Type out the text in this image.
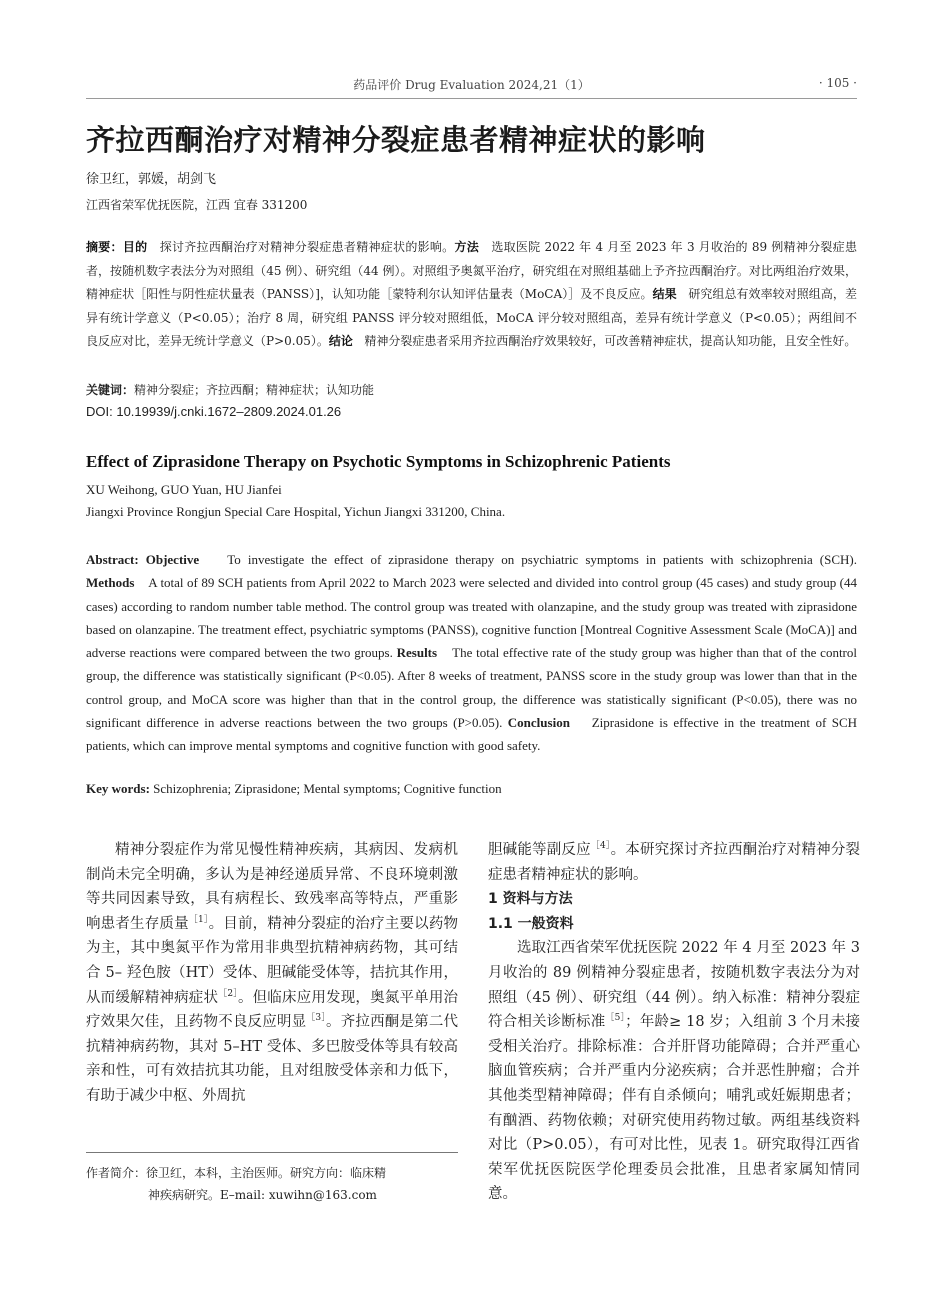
药品评价 Drug Evaluation 2024,21（1）	· 105 ·
齐拉西酮治疗对精神分裂症患者精神症状的影响
徐卫红，郭媛，胡剑飞
江西省荣军优抚医院，江西 宜春 331200
摘要：目的 探讨齐拉西酮治疗对精神分裂症患者精神症状的影响。方法 选取医院 2022 年 4 月至 2023 年 3 月收治的 89 例精神分裂症患者，按随机数字表法分为对照组（45 例）、研究组（44 例）。对照组予奥氮平治疗，研究组在对照组基础上予齐拉西酮治疗。对比两组治疗效果，精神症状［阳性与阴性症状量表（PANSS）]，认知功能［蒙特利尔认知评估量表（MoCA）］及不良反应。结果 研究组总有效率较对照组高，差异有统计学意义（P<0.05）；治疗 8 周，研究组 PANSS 评分较对照组低，MoCA 评分较对照组高，差异有统计学意义（P<0.05）；两组间不良反应对比，差异无统计学意义（P>0.05）。结论 精神分裂症患者采用齐拉西酮治疗效果较好，可改善精神症状，提高认知功能，且安全性好。
关键词：精神分裂症；齐拉西酮；精神症状；认知功能
DOI: 10.19939/j.cnki.1672–2809.2024.01.26
Effect of Ziprasidone Therapy on Psychotic Symptoms in Schizophrenic Patients
XU Weihong, GUO Yuan, HU Jianfei
Jiangxi Province Rongjun Special Care Hospital, Yichun Jiangxi 331200, China.
Abstract: Objective To investigate the effect of ziprasidone therapy on psychiatric symptoms in patients with schizophrenia (SCH). Methods A total of 89 SCH patients from April 2022 to March 2023 were selected and divided into control group (45 cases) and study group (44 cases) according to random number table method. The control group was treated with olanzapine, and the study group was treated with ziprasidone based on olanzapine. The treatment effect, psychiatric symptoms (PANSS), cognitive function [Montreal Cognitive Assessment Scale (MoCA)] and adverse reactions were compared between the two groups. Results The total effective rate of the study group was higher than that of the control group, the difference was statistically significant (P<0.05). After 8 weeks of treatment, PANSS score in the study group was lower than that in the control group, and MoCA score was higher than that in the control group, the difference was statistically significant (P<0.05), there was no significant difference in adverse reactions between the two groups (P>0.05). Conclusion Ziprasidone is effective in the treatment of SCH patients, which can improve mental symptoms and cognitive function with good safety.
Key words: Schizophrenia; Ziprasidone; Mental symptoms; Cognitive function

精神分裂症作为常见慢性精神疾病，其病因、发病机制尚未完全明确，多认为是神经递质异常、不良环境刺激等共同因素导致，具有病程长、致残率高等特点，严重影响患者生存质量$^{[1]}$。目前，精神分裂症的治疗主要以药物为主，其中奥氮平作为常用非典型抗精神病药物，其可结合 5– 羟色胺（HT）受体、胆碱能受体等，拮抗其作用，从而缓解精神病症状$^{[2]}$。但临床应用发现，奥氮平单用治疗效果欠佳，且药物不良反应明显$^{[3]}$。齐拉西酮是第二代抗精神病药物，其对 5–HT 受体、多巴胺受体等具有较高亲和性，可有效拮抗其功能，且对组胺受体亲和力低下，有助于减少中枢、外周抗

胆碱能等副反应$^{[4]}$。本研究探讨齐拉西酮治疗对精神分裂症患者精神症状的影响。

1 资料与方法
1.1 一般资料

选取江西省荣军优抚医院 2022 年 4 月至 2023 年 3 月收治的 89 例精神分裂症患者，按随机数字表法分为对照组（45 例）、研究组（44 例）。纳入标准：精神分裂症符合相关诊断标准$^{[5]}$；年龄≥ 18 岁；入组前 3 个月未接受相关治疗。排除标准：合并肝肾功能障碍；合并严重心脑血管疾病；合并严重内分泌疾病；合并恶性肿瘤；合并其他类型精神障碍；伴有自杀倾向；哺乳或妊娠期患者；有酗酒、药物依赖；对研究使用药物过敏。两组基线资料对比（P>0.05），有可对比性，见表 1。研究取得江西省荣军优抚医院医学伦理委员会批准，且患者家属知情同意。

作者简介：徐卫红，本科，主治医师。研究方向：临床精
神疾病研究。E–mail: xuwihn@163.com
